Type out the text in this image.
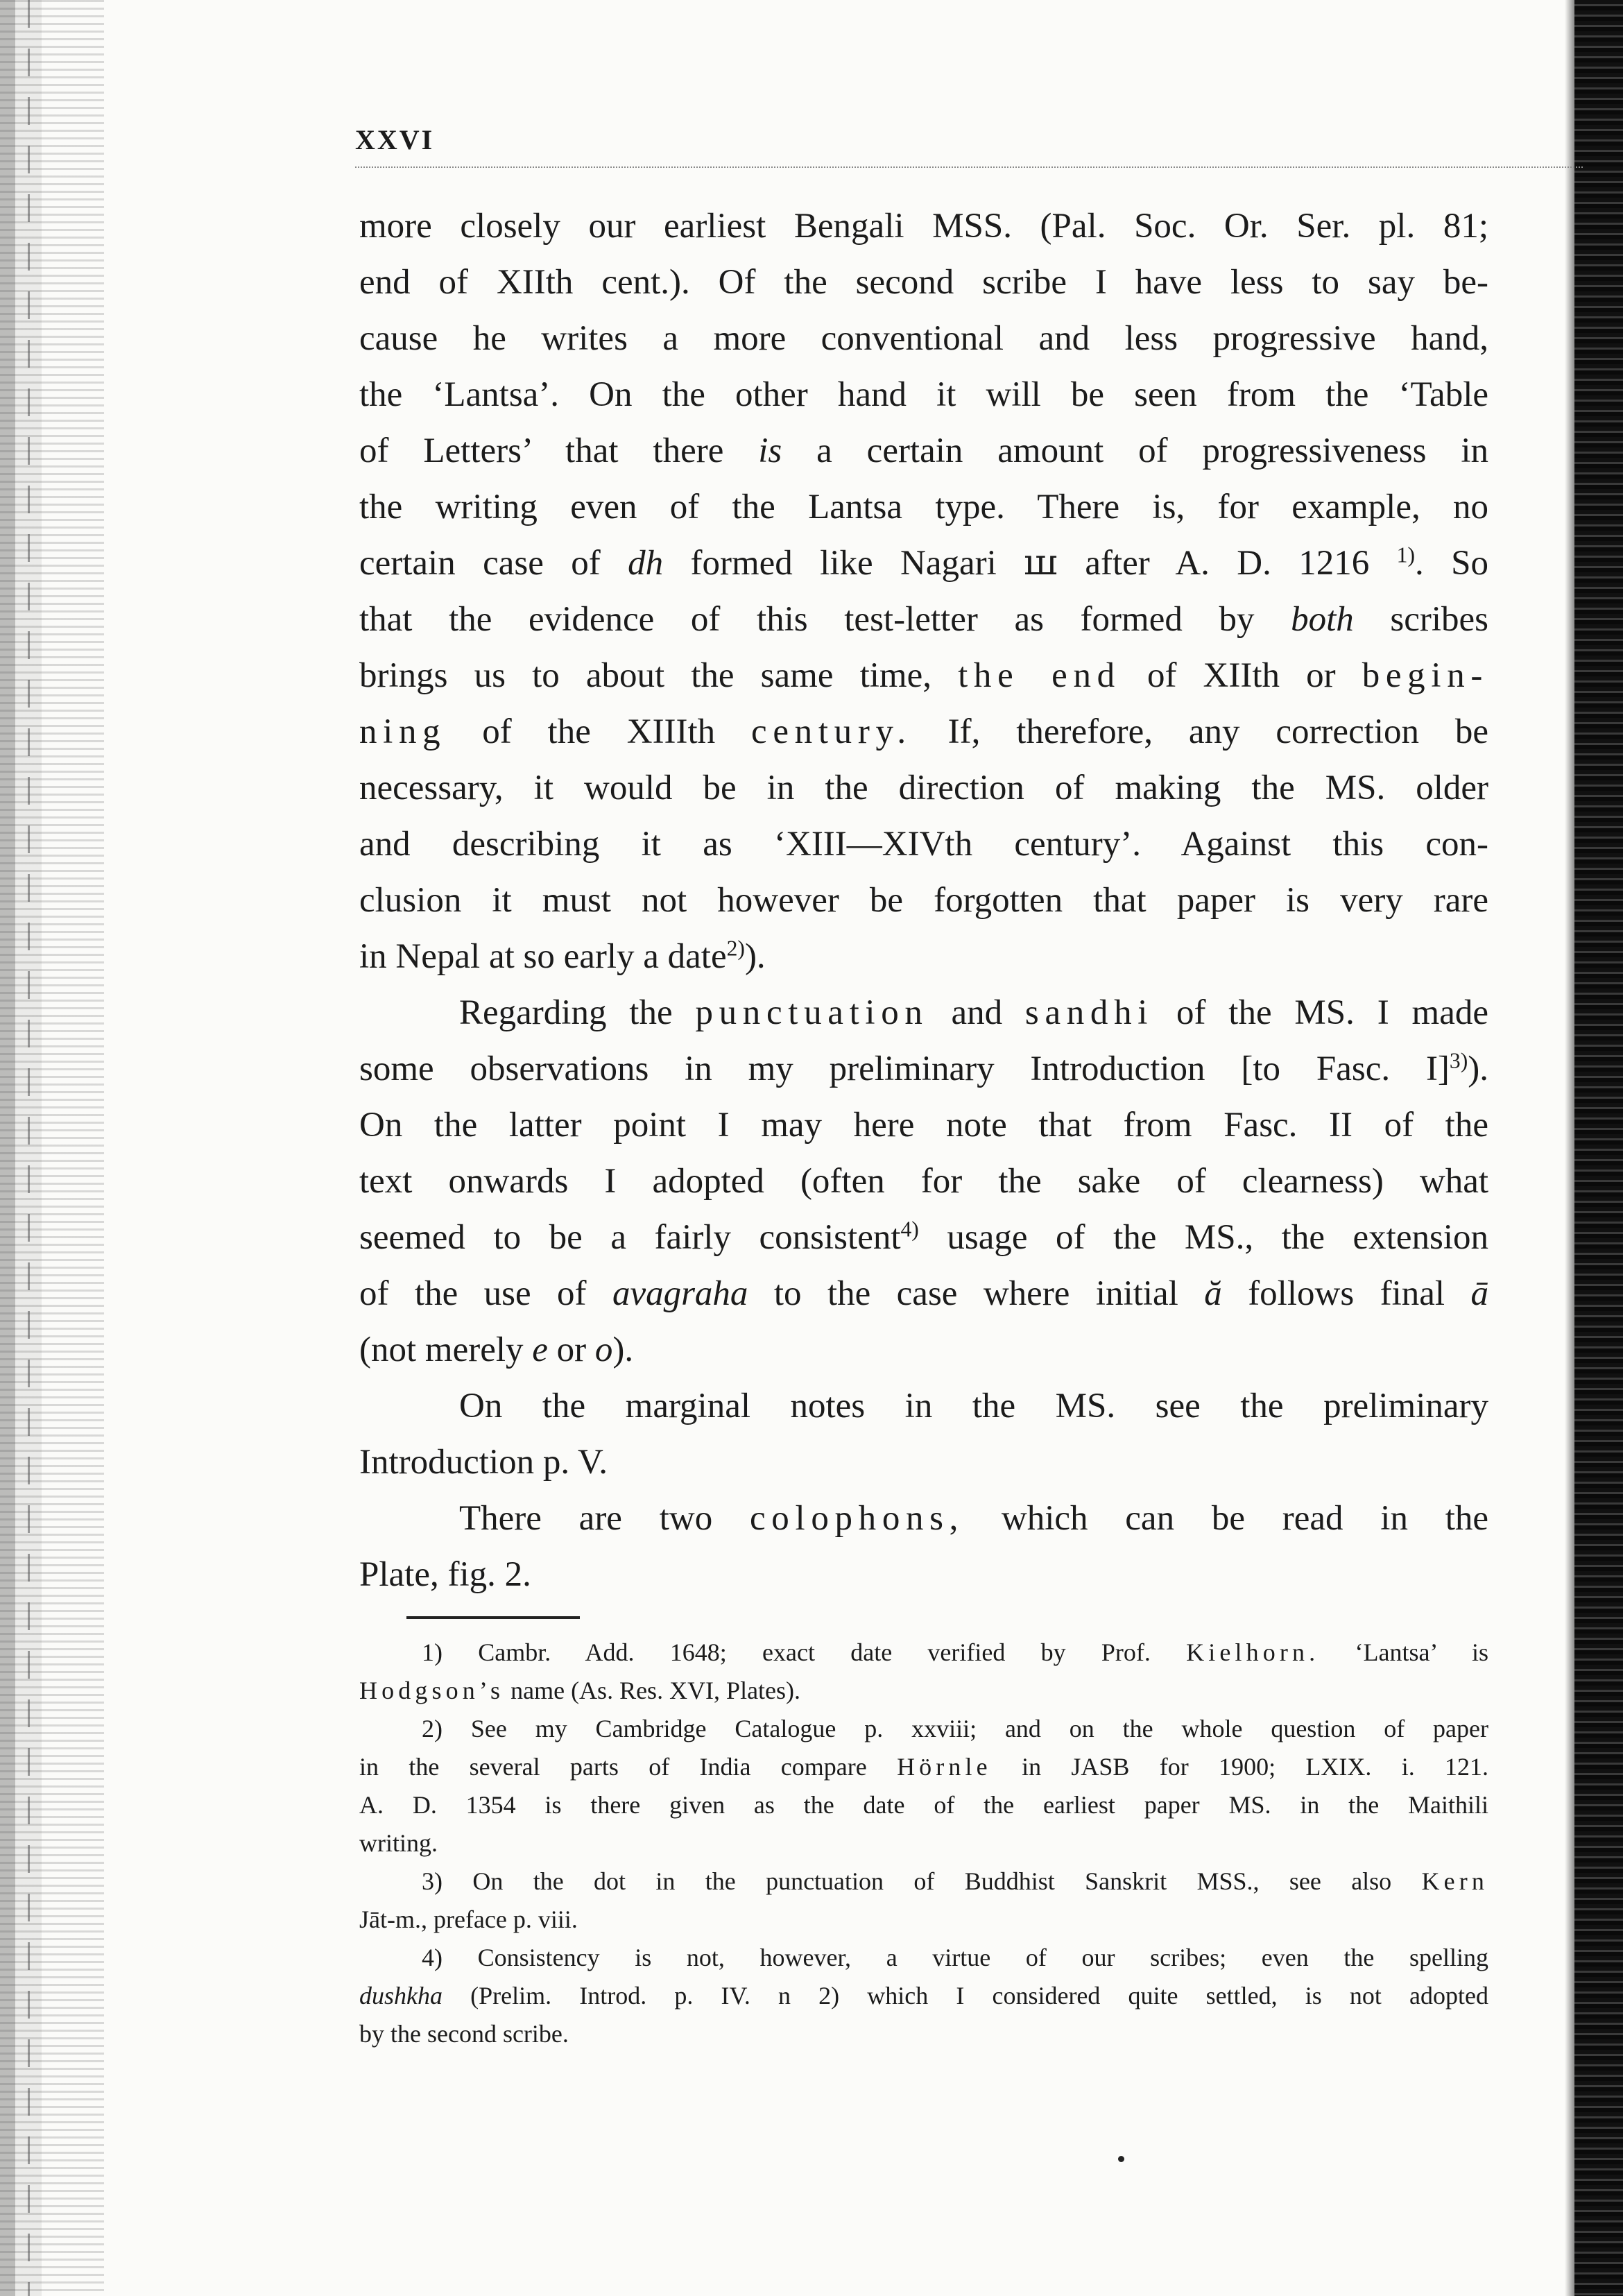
XXVI
more closely our earliest Bengali MSS. (Pal. Soc. Or. Ser. pl. 81;
end of XIIth cent.). Of the second scribe I have less to say be-
cause he writes a more conventional and less progressive hand,
the ‘Lantsa’. On the other hand it will be seen from the ‘Table
of Letters’ that there is a certain amount of progressiveness in
the writing even of the Lantsa type. There is, for example, no
certain case of dh formed like Nagari ꟺ after A. D. 1216 $^{1)}$. So
that the evidence of this test-letter as formed by both scribes
brings us to about the same time, the end of XIIth or begin-
ning of the XIIIth century. If, therefore, any correction be
necessary, it would be in the direction of making the MS. older
and describing it as ‘XIII—XIVth century’. Against this con-
clusion it must not however be forgotten that paper is very rare
in Nepal at so early a date$^{2)}$).
Regarding the punctuation and sandhi of the MS. I made
some observations in my preliminary Introduction [to Fasc. I]$^{3)}$).
On the latter point I may here note that from Fasc. II of the
text onwards I adopted (often for the sake of clearness) what
seemed to be a fairly consistent$^{4)}$ usage of the MS., the extension
of the use of avagraha to the case where initial ă follows final ā
(not merely e or o).
On the marginal notes in the MS. see the preliminary
Introduction p. V.
There are two colophons, which can be read in the
Plate, fig. 2.
1) Cambr. Add. 1648; exact date verified by Prof. Kielhorn. ‘Lantsa’ is
Hodgson’s name (As. Res. XVI, Plates).
2) See my Cambridge Catalogue p. xxviii; and on the whole question of paper
in the several parts of India compare Hörnle in JASB for 1900; LXIX. i. 121.
A. D. 1354 is there given as the date of the earliest paper MS. in the Maithili
writing.
3) On the dot in the punctuation of Buddhist Sanskrit MSS., see also Kern
Jāt-m., preface p. viii.
4) Consistency is not, however, a virtue of our scribes; even the spelling
dushkha (Prelim. Introd. p. IV. n 2) which I considered quite settled, is not adopted
by the second scribe.
